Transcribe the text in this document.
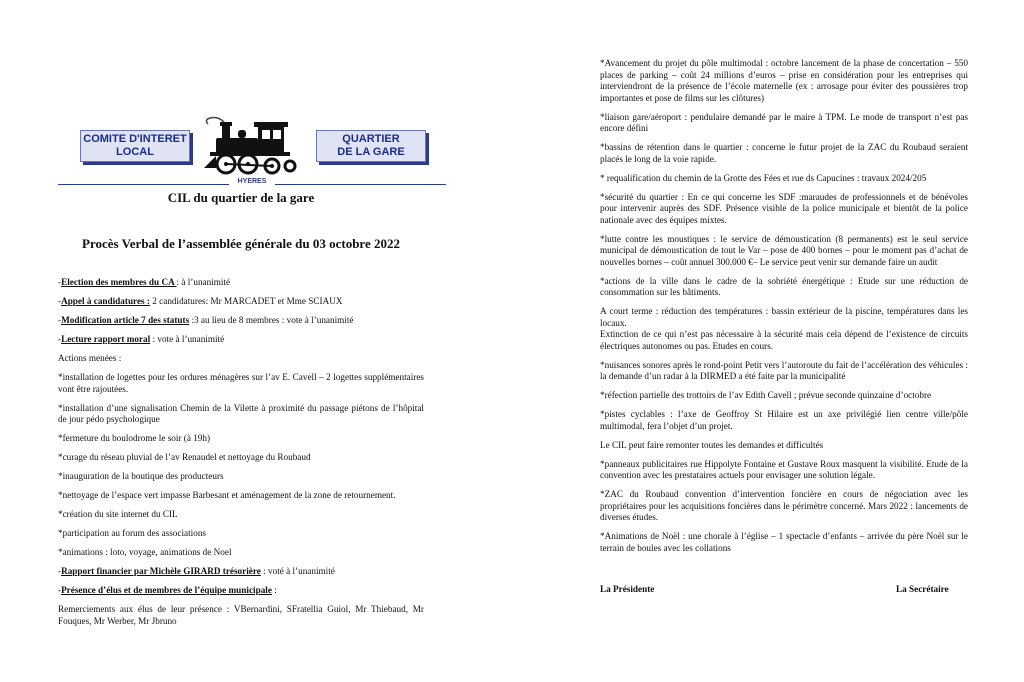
COMITE D'INTERET
LOCAL
QUARTIER
DE LA GARE
HYERES
CIL du quartier de la gare
Procès Verbal de l’assemblée générale du 03 octobre 2022

-Election des membres du CA : à l’unanimité

-Appel à candidatures : 2 candidatures: Mr MARCADET et Mme SCIAUX

-Modification article 7 des statuts :3 au lieu de 8 membres : vote à l’unanimité

-Lecture rapport moral : vote à l’unanimité

Actions menées :

*installation de logettes pour les ordures ménagères sur l’av E. Cavell – 2 logettes supplémentaires vont être rajoutées.

*installation d’une signalisation Chemin de la Vilette à proximité du passage piétons de l’hôpital de jour pédo psychologique

*fermeture du boulodrome le soir (à 19h)

*curage du réseau pluvial de l’av Renaudel et nettoyage du Roubaud

*inauguration de la boutique des producteurs

*nettoyage de l’espace vert impasse Barbesant et aménagement de la zone de retournement.

*création du site internet du CIL

*participation au forum des associations

*animations : loto, voyage, animations de Noel

-Rapport financier par Michèle GIRARD trésorière : voté à l’unanimité

-Présence d’élus et de membres de l’équipe municipale :

Remerciements aux élus de leur présence : VBernardini, SFratellia Guiol, Mr Thiebaud, Mr Fouques, Mr Werber, Mr Jbruno

*Avancement du projet du pôle multimodal : octobre lancement de la phase de concertation – 550 places de parking – coût 24 millions d’euros – prise en considération pour les entreprises qui interviendront de la présence de l’école maternelle (ex : arrosage pour éviter des poussières trop importantes et pose de films sur les clôtures)

*liaison gare/aéroport : pendulaire demandé par le maire à TPM. Le mode de transport n’est pas encore défini

*bassins de rétention dans le quartier : concerne le futur projet de la ZAC du Roubaud seraient placés le long de la voie rapide.

* requalification du chemin de la Grotte des Fées et rue ds Capucines : travaux 2024/205

*sécurité du quartier : En ce qui concerne les SDF :maraudes de professionnels et de bénévoles pour intervenir auprès des SDF. Présence visible de la police municipale et bientôt de la police nationale avec des équipes mixtes.

*lutte contre les moustiques : le service de démoustication (8 permanents) est le seul service municipal de démoustication de tout le Var – pose de 400 bornes – pour le moment pas d’achat de nouvelles bornes – coût annuel 300.000 €– Le service peut venir sur demande faire un audit

*actions de la ville dans le cadre de la sobriété énergétique : Etude sur une réduction de consommation sur les bâtiments.

A court terme : réduction des températures : bassin extérieur de la piscine, températures dans les locaux.
Extinction de ce qui n’est pas nécessaire à la sécurité mais cela dépend de l’existence de circuits électriques autonomes ou pas. Etudes en cours.

*nuisances sonores après le rond-point Petit vers l’autoroute du fait de l’accélération des véhicules : la demande d’un radar à la DIRMED a été faite par la municipalité

*réfection partielle des trottoirs de l’av Edith Cavell ; prévue seconde quinzaine d’octobre

*pistes cyclables : l’axe de Geoffroy St Hilaire est un axe privilégié lien centre ville/pôle multimodal, fera l’objet d’un projet.

Le CIL peut faire remonter toutes les demandes et difficultés

*panneaux publicitaires rue Hippolyte Fontaine et Gustave Roux masquent la visibilité. Etude de la convention avec les prestataires actuels pour envisager une solution légale.

*ZAC du Roubaud convention d’intervention foncière en cours de négociation avec les propriétaires pour les acquisitions foncières dans le périmètre concerné. Mars 2022 : lancements de diverses études.

*Animations de Noël : une chorale à l’église – 1 spectacle d’enfants – arrivée du père Noël sur le terrain de boules avec les collations

La Présidente	La Secrétaire
